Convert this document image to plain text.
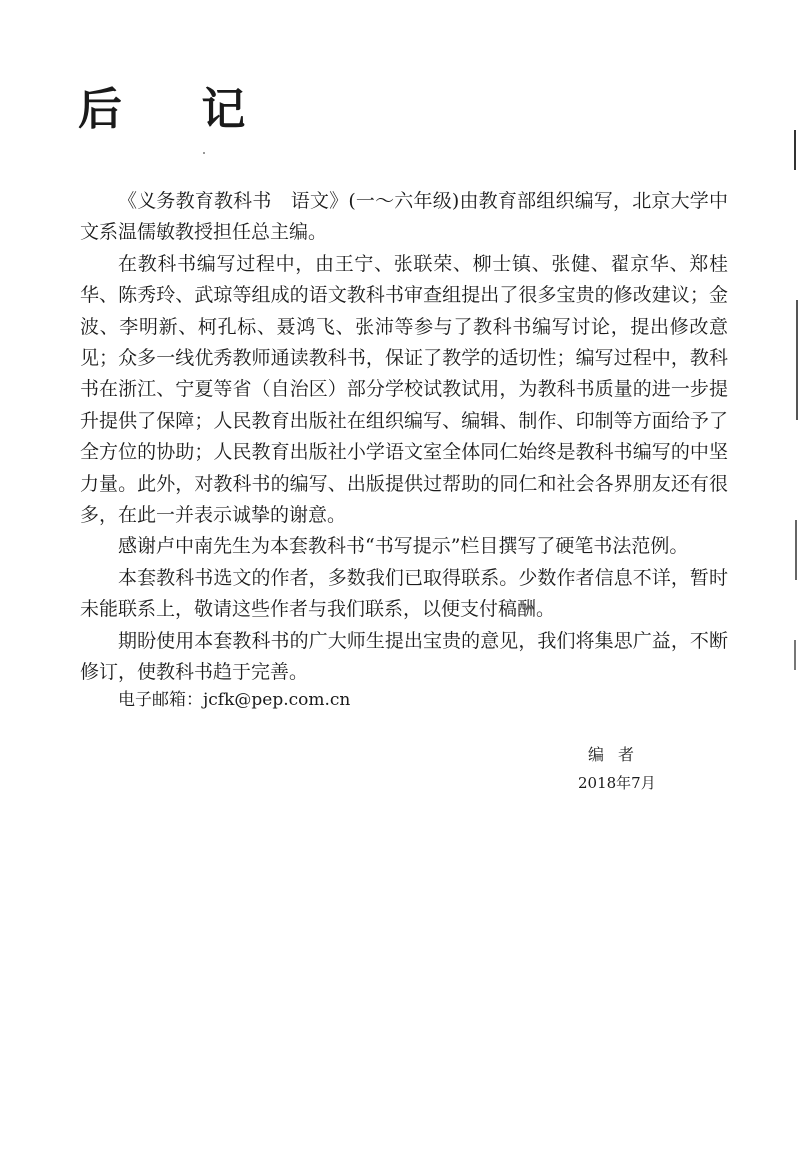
后 记

《义务教育教科书　语文》(一～六年级)由教育部组织编写，北京大学中文系温儒敏教授担任总主编。

在教科书编写过程中，由王宁、张联荣、柳士镇、张健、翟京华、郑桂华、陈秀玲、武琼等组成的语文教科书审查组提出了很多宝贵的修改建议；金波、李明新、柯孔标、聂鸿飞、张沛等参与了教科书编写讨论，提出修改意见；众多一线优秀教师通读教科书，保证了教学的适切性；编写过程中，教科书在浙江、宁夏等省（自治区）部分学校试教试用，为教科书质量的进一步提升提供了保障；人民教育出版社在组织编写、编辑、制作、印制等方面给予了全方位的协助；人民教育出版社小学语文室全体同仁始终是教科书编写的中坚力量。此外，对教科书的编写、出版提供过帮助的同仁和社会各界朋友还有很多，在此一并表示诚挚的谢意。

感谢卢中南先生为本套教科书“书写提示”栏目撰写了硬笔书法范例。

本套教科书选文的作者，多数我们已取得联系。少数作者信息不详，暂时未能联系上，敬请这些作者与我们联系，以便支付稿酬。

期盼使用本套教科书的广大师生提出宝贵的意见，我们将集思广益，不断修订，使教科书趋于完善。

电子邮箱：jcfk@pep.com.cn

编者

2018年7月
